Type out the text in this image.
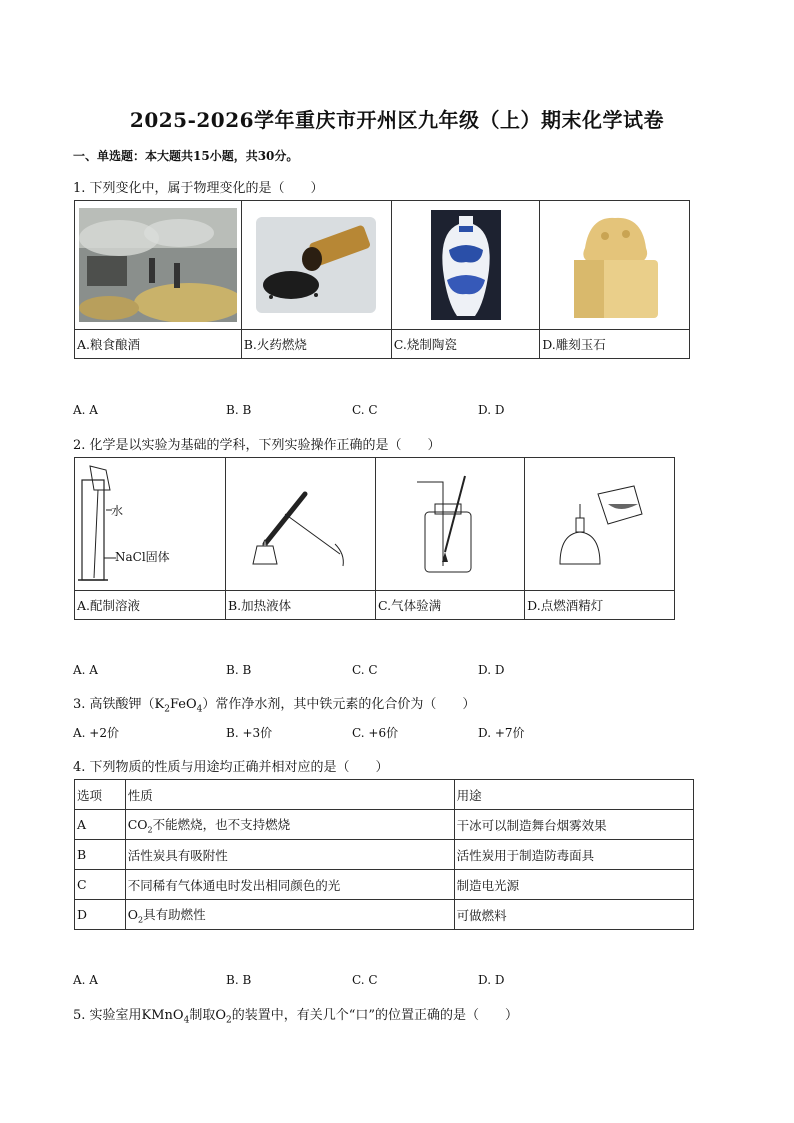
2025-2026学年重庆市开州区九年级（上）期末化学试卷
一、单选题：本大题共15小题，共30分。
1. 下列变化中，属于物理变化的是（　　）

A.粮食酿酒	B.火药燃烧	C.烧制陶瓷	D.雕刻玉石
A. A	B. B	C. C	D. D
2. 化学是以实验为基础的学科，下列实验操作正确的是（　　）
水
NaCl固体

A.配制溶液	B.加热液体	C.气体验满	D.点燃酒精灯
A. A	B. B	C. C	D. D
3. 高铁酸钾$(K_2FeO_4)$常作净水剂，其中铁元素的化合价为（　　）
A. +2价	B. +3价	C. +6价	D. +7价
4. 下列物质的性质与用途均正确并相对应的是（　　）
选项	性质	用途
A	$CO_2$不能燃烧，也不支持燃烧	干冰可以制造舞台烟雾效果
B	活性炭具有吸附性	活性炭用于制造防毒面具
C	不同稀有气体通电时发出相同颜色的光	制造电光源
D	$O_2$具有助燃性	可做燃料
A. A	B. B	C. C	D. D
5. 实验室用KMnO$_4$制取$O_2$的装置中，有关几个“口”的位置正确的是（　　）
